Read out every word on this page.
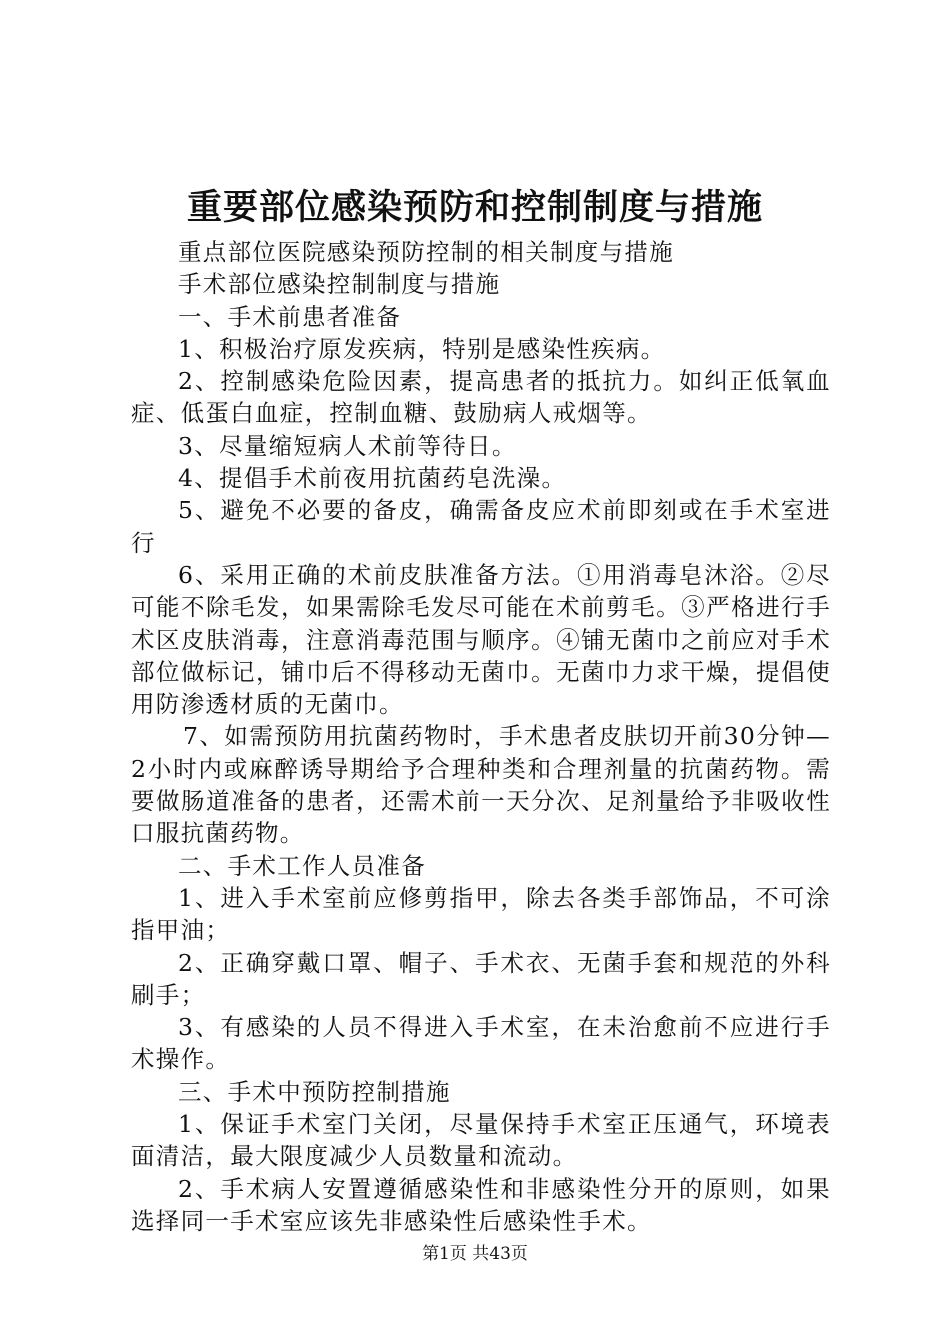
重要部位感染预防和控制制度与措施

重点部位医院感染预防控制的相关制度与措施

手术部位感染控制制度与措施

一、手术前患者准备

1、积极治疗原发疾病，特别是感染性疾病。

2、控制感染危险因素，提高患者的抵抗力。如纠正低氧血症、低蛋白血症，控制血糖、鼓励病人戒烟等。

3、尽量缩短病人术前等待日。

4、提倡手术前夜用抗菌药皂洗澡。

5、避免不必要的备皮，确需备皮应术前即刻或在手术室进行

6、采用正确的术前皮肤准备方法。①用消毒皂沐浴。②尽可能不除毛发，如果需除毛发尽可能在术前剪毛。③严格进行手术区皮肤消毒，注意消毒范围与顺序。④铺无菌巾之前应对手术部位做标记，铺巾后不得移动无菌巾。无菌巾力求干燥，提倡使用防渗透材质的无菌巾。

7、如需预防用抗菌药物时，手术患者皮肤切开前30分钟—2小时内或麻醉诱导期给予合理种类和合理剂量的抗菌药物。需要做肠道准备的患者，还需术前一天分次、足剂量给予非吸收性口服抗菌药物。

二、手术工作人员准备

1、进入手术室前应修剪指甲，除去各类手部饰品，不可涂指甲油；

2、正确穿戴口罩、帽子、手术衣、无菌手套和规范的外科刷手；

3、有感染的人员不得进入手术室，在未治愈前不应进行手术操作。

三、手术中预防控制措施

1、保证手术室门关闭，尽量保持手术室正压通气，环境表面清洁，最大限度减少人员数量和流动。

2、手术病人安置遵循感染性和非感染性分开的原则，如果选择同一手术室应该先非感染性后感染性手术。

第1页 共43页
